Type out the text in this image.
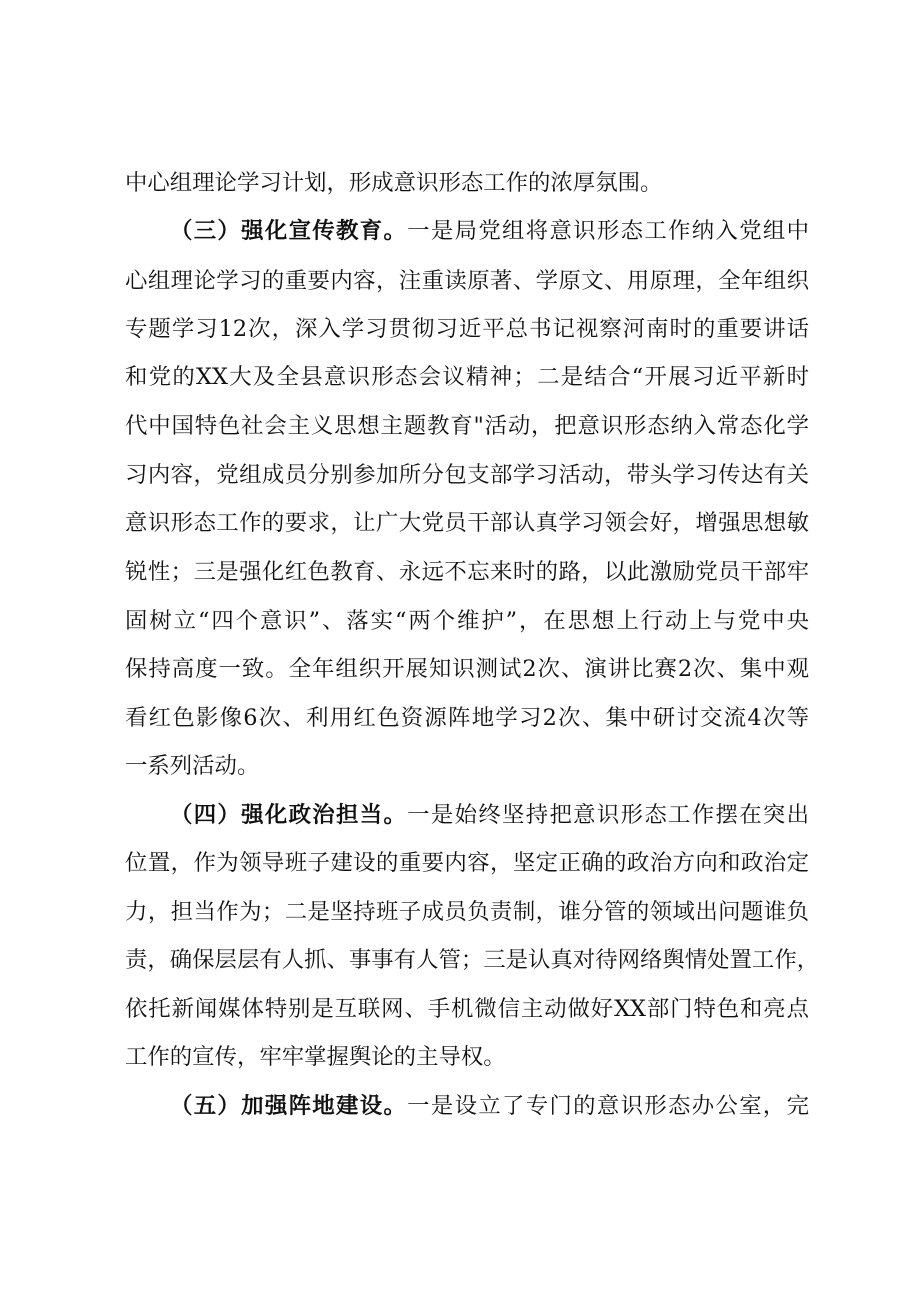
中心组理论学习计划，形成意识形态工作的浓厚氛围。
（三）强化宣传教育。一是局党组将意识形态工作纳入党组中
心组理论学习的重要内容，注重读原著、学原文、用原理，全年组织
专题学习12次，深入学习贯彻习近平总书记视察河南时的重要讲话
和党的XX大及全县意识形态会议精神；二是结合“开展习近平新时
代中国特色社会主义思想主题教育"活动，把意识形态纳入常态化学
习内容，党组成员分别参加所分包支部学习活动，带头学习传达有关
意识形态工作的要求，让广大党员干部认真学习领会好，增强思想敏
锐性；三是强化红色教育、永远不忘来时的路，以此激励党员干部牢
固树立“四个意识”、落实“两个维护”，在思想上行动上与党中央
保持高度一致。全年组织开展知识测试2次、演讲比赛2次、集中观
看红色影像6次、利用红色资源阵地学习2次、集中研讨交流4次等
一系列活动。
（四）强化政治担当。一是始终坚持把意识形态工作摆在突出
位置，作为领导班子建设的重要内容，坚定正确的政治方向和政治定
力，担当作为；二是坚持班子成员负责制，谁分管的领域出问题谁负
责，确保层层有人抓、事事有人管；三是认真对待网络舆情处置工作，
依托新闻媒体特别是互联网、手机微信主动做好XX部门特色和亮点
工作的宣传，牢牢掌握舆论的主导权。
（五）加强阵地建设。一是设立了专门的意识形态办公室，完
